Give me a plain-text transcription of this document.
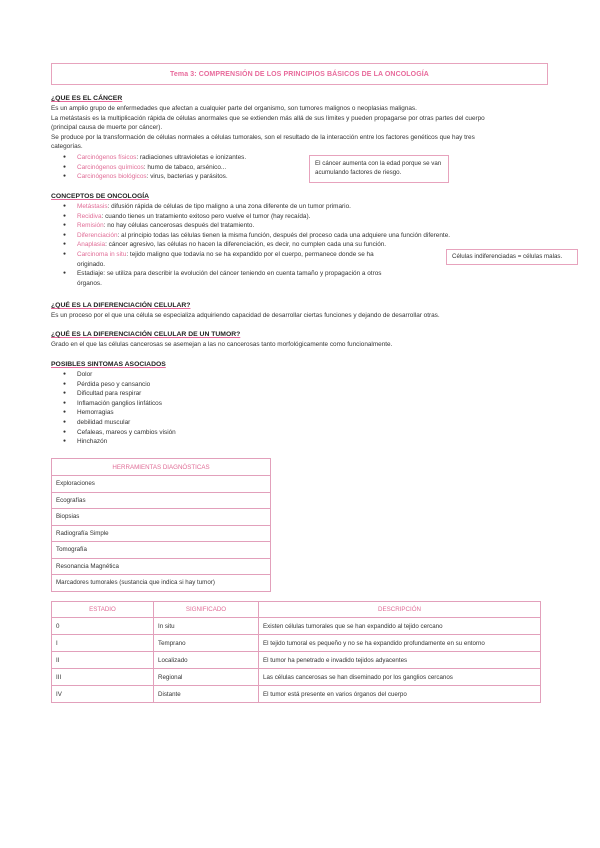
Tema 3: COMPRENSIÓN DE LOS PRINCIPIOS BÁSICOS DE LA ONCOLOGÍA
¿QUE ES EL CÁNCER
Es un amplio grupo de enfermedades que afectan a cualquier parte del organismo, son tumores malignos o neoplasias malignas.
La metástasis es la multiplicación rápida de células anormales que se extienden más allá de sus límites y pueden propagarse por otras partes del cuerpo
(principal causa de muerte por cáncer).
Se produce por la transformación de células normales a células tumorales, son el resultado de la interacción entre los factores genéticos que hay tres
categorías.
● Carcinógenos físicos: radiaciones ultravioletas e ionizantes.
● Carcinógenos químicos: humo de tabaco, arsénico...
● Carcinógenos biológicos: virus, bacterias y parásitos.
El cáncer aumenta con la edad porque se van acumulando factores de riesgo.
CONCEPTOS DE ONCOLOGÍA
● Metástasis: difusión rápida de células de tipo maligno a una zona diferente de un tumor primario.
● Recidiva: cuando tienes un tratamiento exitoso pero vuelve el tumor (hay recaída).
● Remisión: no hay células cancerosas después del tratamiento.
● Diferenciación: al principio todas las células tienen la misma función, después del proceso cada una adquiere una función diferente.
● Anaplasia: cáncer agresivo, las células no hacen la diferenciación, es decir, no cumplen cada una su función.
● Carcinoma in situ: tejido maligno que todavía no se ha expandido por el cuerpo, permanece donde se ha
originado.
● Estadiaje: se utiliza para describir la evolución del cáncer teniendo en cuenta tamaño y propagación a otros
órganos.
Células indiferenciadas = células malas.
¿QUÉ ES LA DIFERENCIACIÓN CELULAR?
Es un proceso por el que una célula se especializa adquiriendo capacidad de desarrollar ciertas funciones y dejando de desarrollar otras.
¿QUÉ ES LA DIFERENCIACIÓN CELULAR DE UN TUMOR?
Grado en el que las células cancerosas se asemejan a las no cancerosas tanto morfológicamente como funcionalmente.
POSIBLES SINTOMAS ASOCIADOS
● Dolor
● Pérdida peso y cansancio
● Dificultad para respirar
● Inflamación ganglios linfáticos
● Hemorragias
● debilidad muscular
● Cefaleas, mareos y cambios visión
● Hinchazón
HERRAMIENTAS DIAGNÓSTICAS
Exploraciones
Ecografías
Biopsias
Radiografía Simple
Tomografía
Resonancia Magnética
Marcadores tumorales (sustancia que indica si hay tumor)
ESTADIO	SIGNIFICADO	DESCRIPCIÓN
0	In situ	Existen células tumorales que se han expandido al tejido cercano
I	Temprano	El tejido tumoral es pequeño y no se ha expandido profundamente en su entorno
II	Localizado	El tumor ha penetrado e invadido tejidos adyacentes
III	Regional	Las células cancerosas se han diseminado por los ganglios cercanos
IV	Distante	El tumor está presente en varios órganos del cuerpo
